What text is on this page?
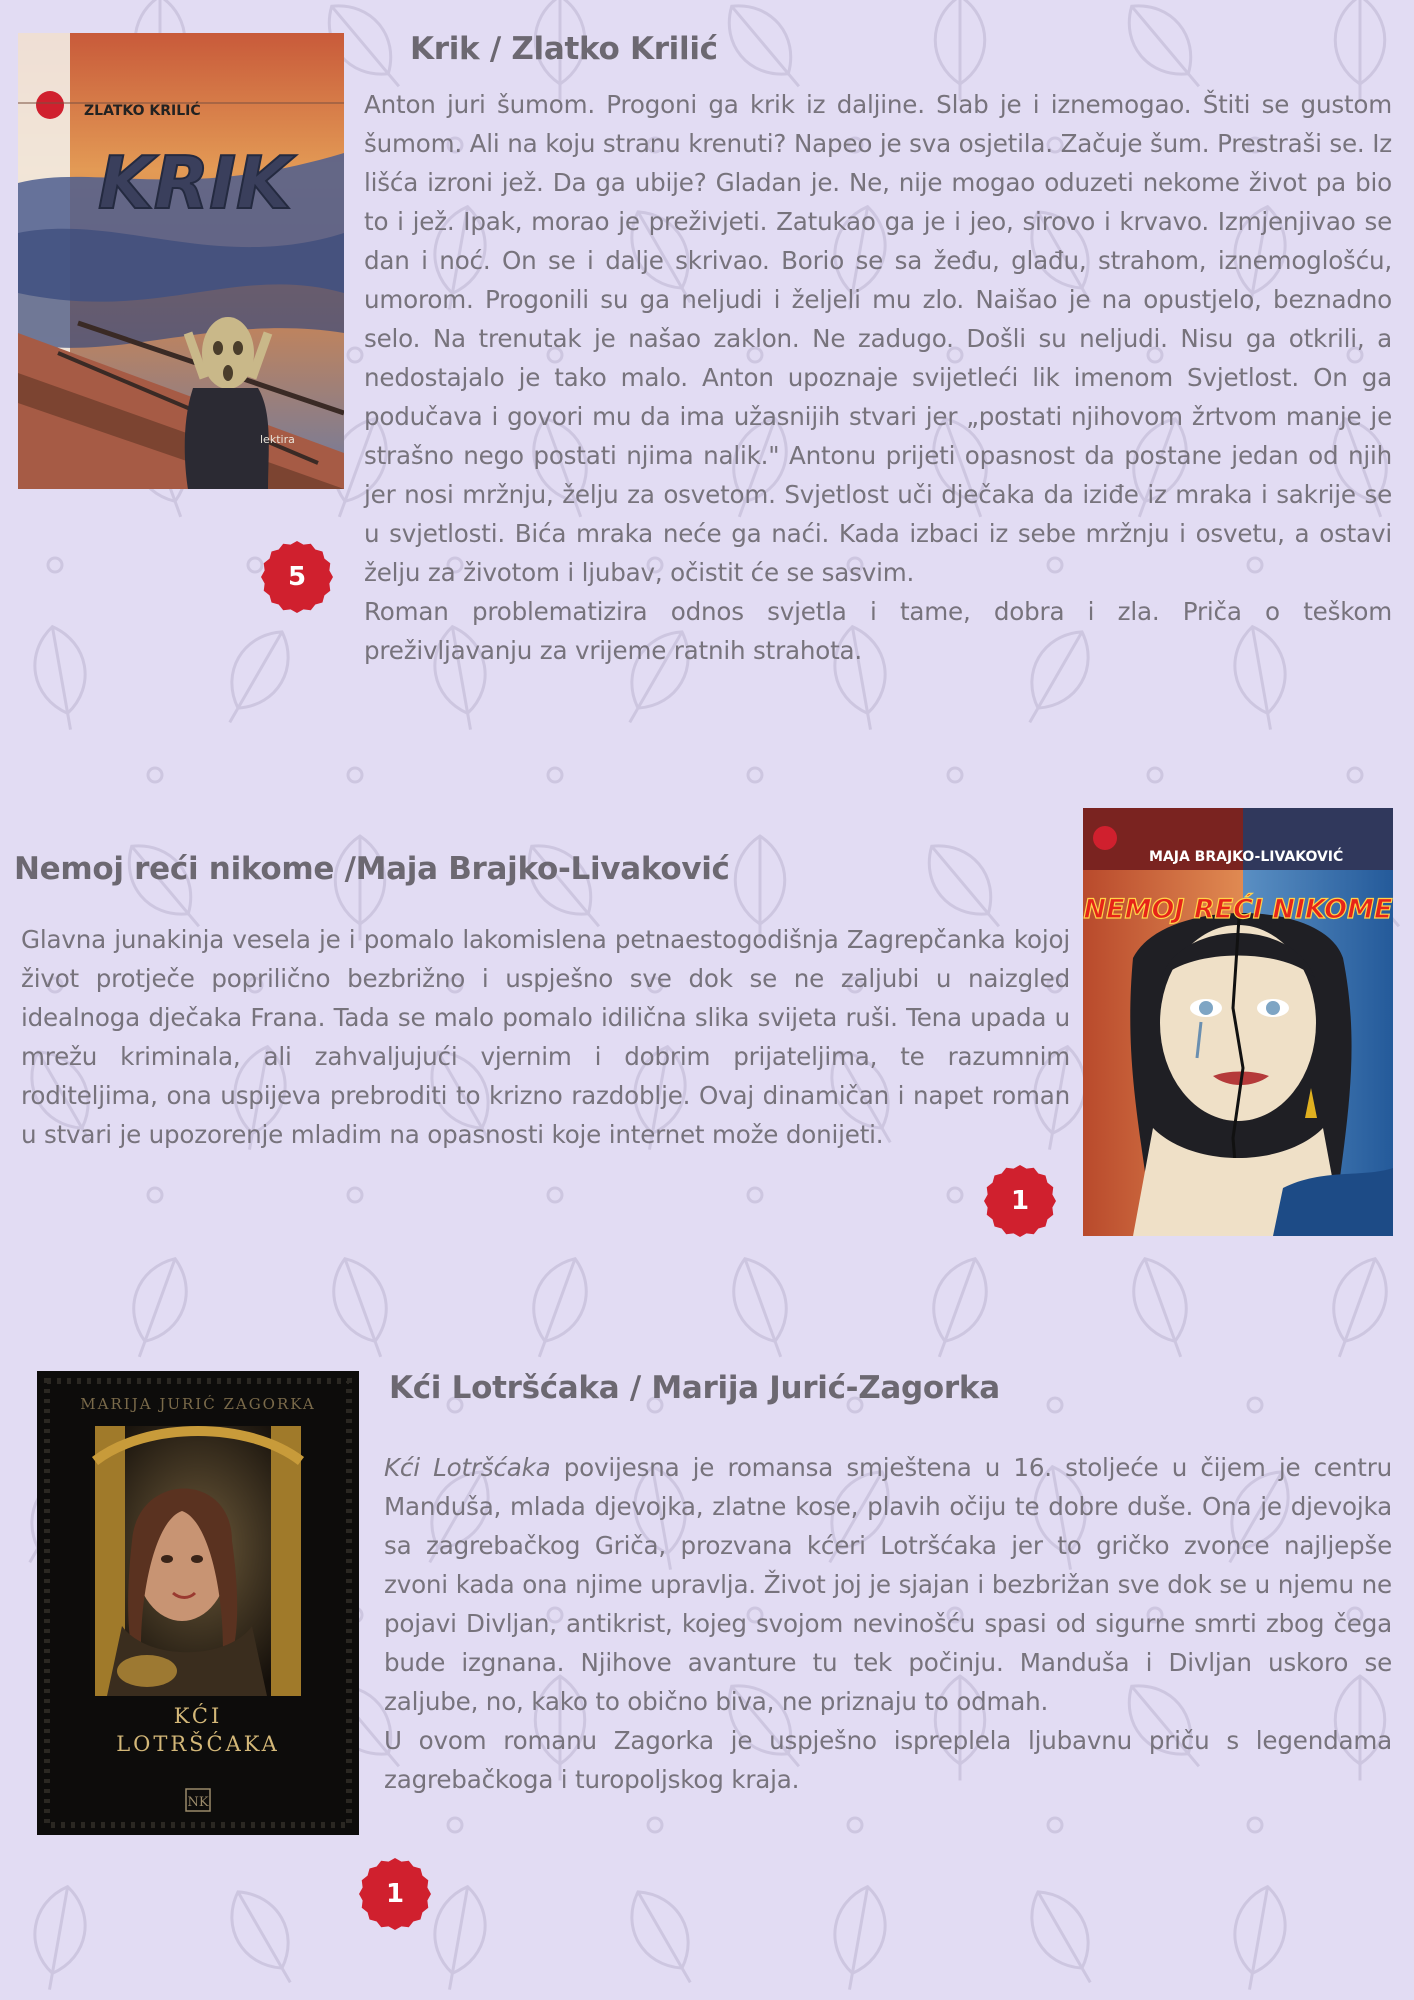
ZLATKO KRILIĆ
KRIK
lektira
Krik / Zlatko Krilić

Anton juri šumom. Progoni ga krik iz daljine. Slab je i iznemogao. Štiti se gustom šumom. Ali na koju stranu krenuti? Napeo je sva osjetila. Začuje šum. Prestraši se. Iz lišća izroni jež. Da ga ubije? Gladan je. Ne, nije mogao oduzeti nekome život pa bio to i jež. Ipak, morao je preživjeti. Zatukao ga je i jeo, sirovo i krvavo. Izmjenjivao se dan i noć. On se i dalje skrivao. Borio se sa žeđu, glađu, strahom, iznemoglošću, umorom. Progonili su ga neljudi i željeli mu zlo. Naišao je na opustjelo, beznadno selo. Na trenutak je našao zaklon. Ne zadugo. Došli su neljudi. Nisu ga otkrili, a nedostajalo je tako malo. Anton upoznaje svijetleći lik imenom Svjetlost. On ga podučava i govori mu da ima užasnijih stvari jer „postati njihovom žrtvom manje je strašno nego postati njima nalik." Antonu prijeti opasnost da postane jedan od njih jer nosi mržnju, želju za osvetom. Svjetlost uči dječaka da iziđe iz mraka i sakrije se u svjetlosti. Bića mraka neće ga naći. Kada izbaci iz sebe mržnju i osvetu, a ostavi želju za životom i ljubav, očistit će se sasvim.

Roman problematizira odnos svjetla i tame, dobra i zla. Priča o teškom preživljavanju za vrijeme ratnih strahota.

5
Nemoj reći nikome /Maja Brajko-Livaković

Glavna junakinja vesela je i pomalo lakomislena petnaestogodišnja Zagrepčanka kojoj život protječe poprilično bezbrižno i uspješno sve dok se ne zaljubi u naizgled idealnoga dječaka Frana. Tada se malo pomalo idilična slika svijeta ruši. Tena upada u mrežu kriminala, ali zahvaljujući vjernim i dobrim prijateljima, te razumnim roditeljima, ona uspijeva prebroditi to krizno razdoblje. Ovaj dinamičan i napet roman u stvari je upozorenje mladim na opasnosti koje internet može donijeti.

MAJA BRAJKO-LIVAKOVIĆ
NEMOJ REĆI NIKOME
1
MARIJA JURIĆ ZAGORKA
KĆI
LOTRŠĆAKA
NK
Kći Lotršćaka / Marija Jurić-Zagorka

Kći Lotršćaka povijesna je romansa smještena u 16. stoljeće u čijem je centru Manduša, mlada djevojka, zlatne kose, plavih očiju te dobre duše. Ona je djevojka sa zagrebačkog Griča, prozvana kćeri Lotršćaka jer to gričko zvonce najljepše zvoni kada ona njime upravlja. Život joj je sjajan i bezbrižan sve dok se u njemu ne pojavi Divljan, antikrist, kojeg svojom nevinošću spasi od sigurne smrti zbog čega bude izgnana. Njihove avanture tu tek počinju. Manduša i Divljan uskoro se zaljube, no, kako to obično biva, ne priznaju to odmah.

U ovom romanu Zagorka je uspješno ispreplela ljubavnu priču s legendama zagrebačkoga i turopoljskog kraja.

1
